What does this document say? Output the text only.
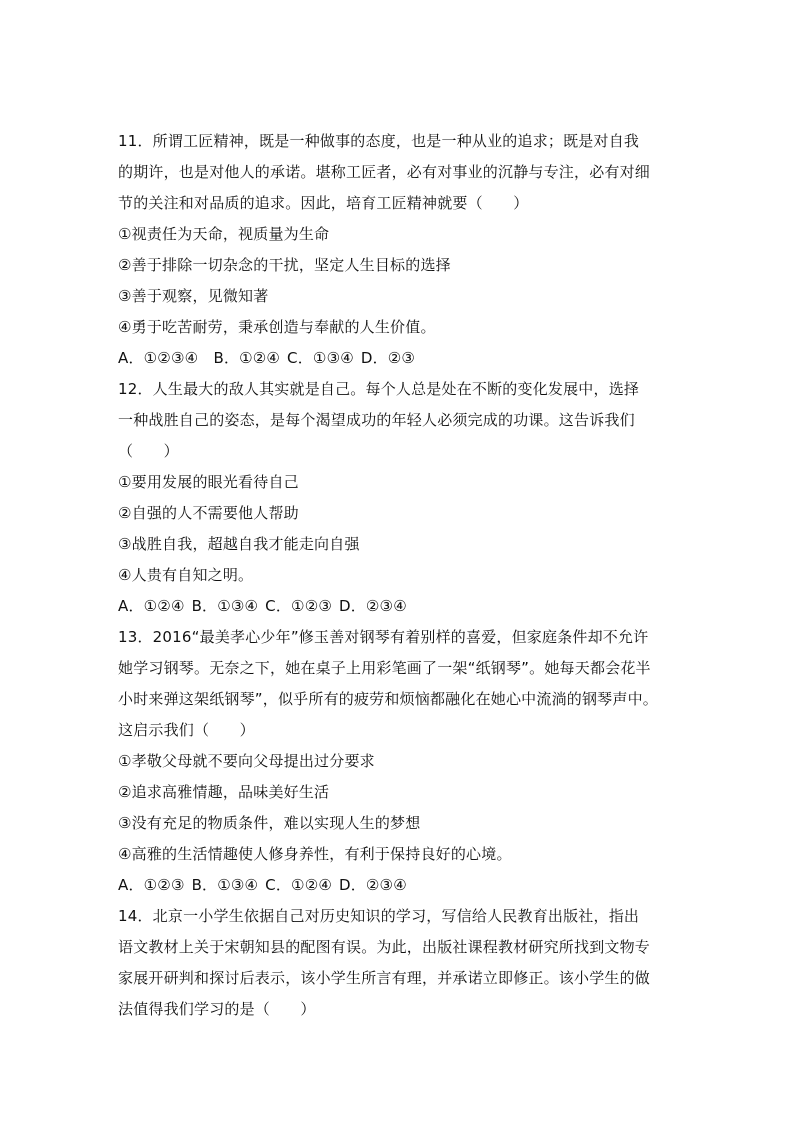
11．所谓工匠精神，既是一种做事的态度，也是一种从业的追求；既是对自我
的期许，也是对他人的承诺。堪称工匠者，必有对事业的沉静与专注，必有对细
节的关注和对品质的追求。因此，培育工匠精神就要（　　）
①视责任为天命，视质量为生命
②善于排除一切杂念的干扰，坚定人生目标的选择
③善于观察，见微知著
④勇于吃苦耐劳，秉承创造与奉献的人生价值。
A．①②③④　B．①②④ C．①③④ D．②③
12．人生最大的敌人其实就是自己。每个人总是处在不断的变化发展中，选择
一种战胜自己的姿态，是每个渴望成功的年轻人必须完成的功课。这告诉我们
（　　）
①要用发展的眼光看待自己
②自强的人不需要他人帮助
③战胜自我，超越自我才能走向自强
④人贵有自知之明。
A．①②④ B．①③④ C．①②③ D．②③④
13．2016“最美孝心少年”修玉善对钢琴有着别样的喜爱，但家庭条件却不允许
她学习钢琴。无奈之下，她在桌子上用彩笔画了一架“纸钢琴”。她每天都会花半
小时来弹这架纸钢琴”，似乎所有的疲劳和烦恼都融化在她心中流淌的钢琴声中。
这启示我们（　　）
①孝敬父母就不要向父母提出过分要求
②追求高雅情趣，品味美好生活
③没有充足的物质条件，难以实现人生的梦想
④高雅的生活情趣使人修身养性，有利于保持良好的心境。
A．①②③ B．①③④ C．①②④ D．②③④
14．北京一小学生依据自己对历史知识的学习，写信给人民教育出版社，指出
语文教材上关于宋朝知县的配图有误。为此，出版社课程教材研究所找到文物专
家展开研判和探讨后表示，该小学生所言有理，并承诺立即修正。该小学生的做
法值得我们学习的是（　　）
